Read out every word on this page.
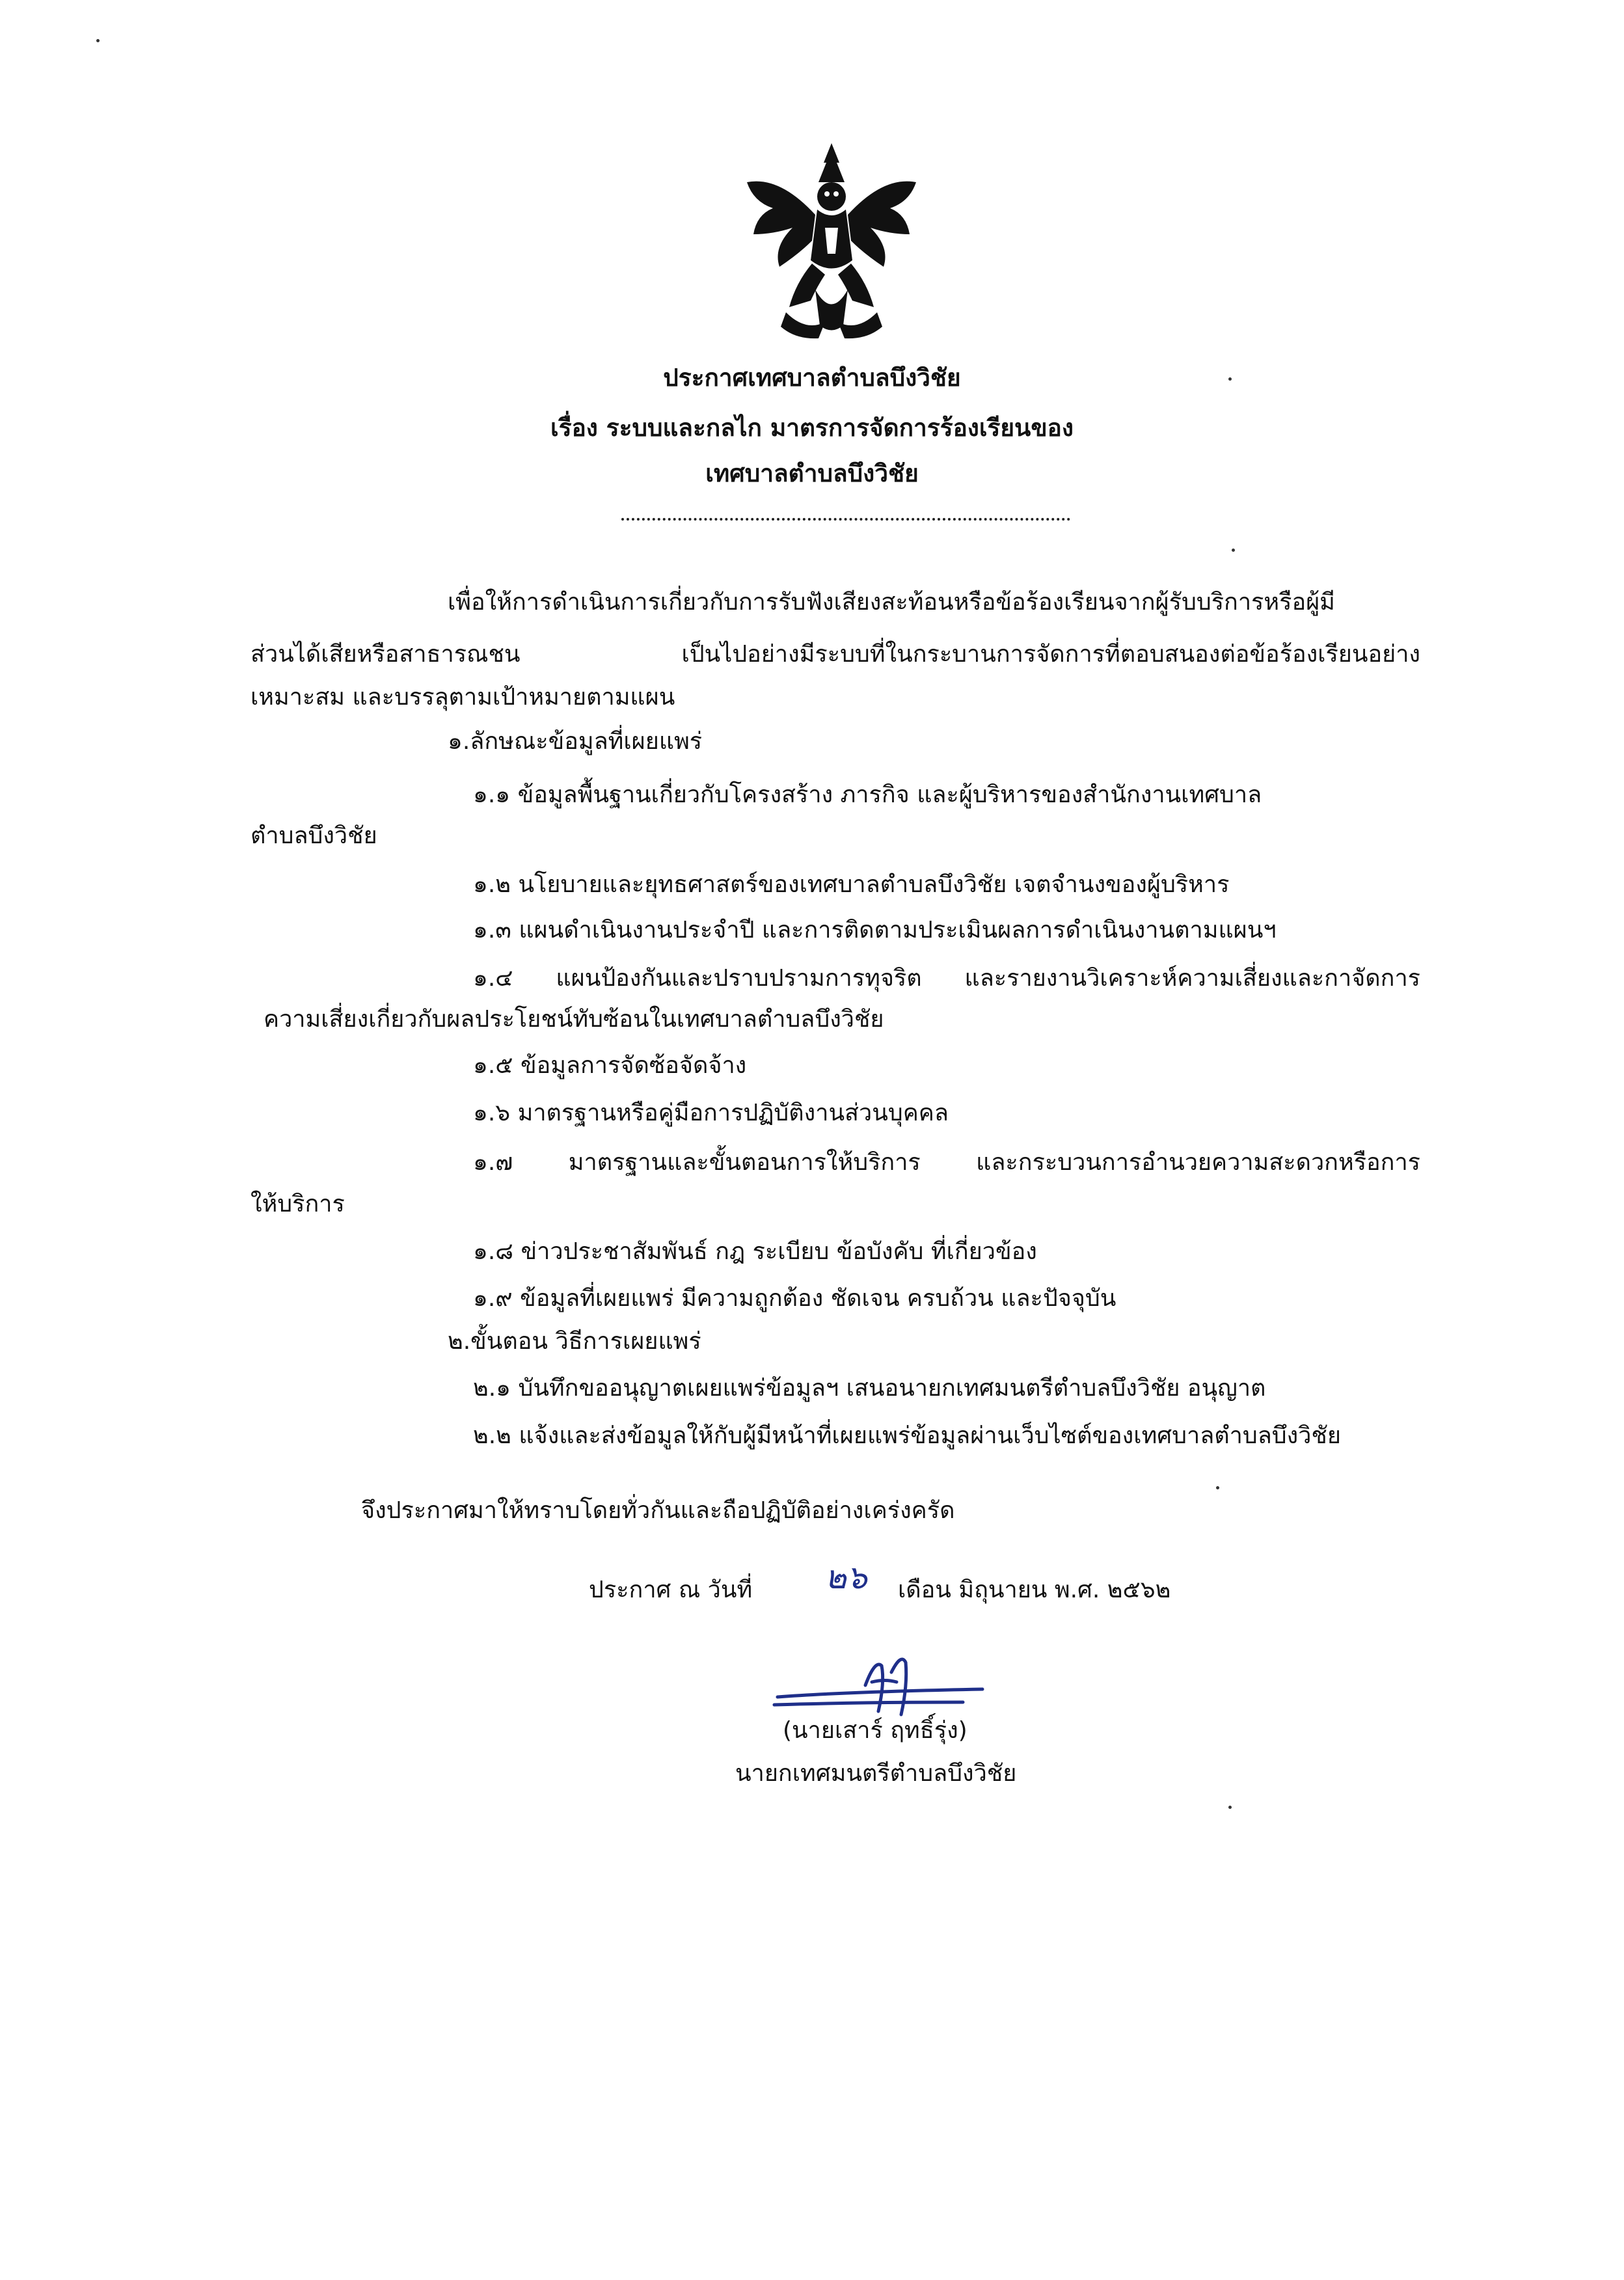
ประกาศเทศบาลตำบลบึงวิชัย
เรื่อง ระบบและกลไก มาตรการจัดการร้องเรียนของ
เทศบาลตำบลบึงวิชัย
เพื่อให้การดำเนินการเกี่ยวกับการรับฟังเสียงสะท้อนหรือข้อร้องเรียนจากผู้รับบริการหรือผู้มี
ส่วนได้เสียหรือสาธารณชน เป็นไปอย่างมีระบบที่ในกระบานการจัดการที่ตอบสนองต่อข้อร้องเรียนอย่าง
เหมาะสม และบรรลุตามเป้าหมายตามแผน
๑.ลักษณะข้อมูลที่เผยแพร่
๑.๑ ข้อมูลพื้นฐานเกี่ยวกับโครงสร้าง ภารกิจ และผู้บริหารของสำนักงานเทศบาล
ตำบลบึงวิชัย
๑.๒ นโยบายและยุทธศาสตร์ของเทศบาลตำบลบึงวิชัย เจตจำนงของผู้บริหาร
๑.๓ แผนดำเนินงานประจำปี และการติดตามประเมินผลการดำเนินงานตามแผนฯ
๑.๔ แผนป้องกันและปราบปรามการทุจริต และรายงานวิเคราะห์ความเสี่ยงและกาจัดการ
ความเสี่ยงเกี่ยวกับผลประโยชน์ทับซ้อนในเทศบาลตำบลบึงวิชัย
๑.๕ ข้อมูลการจัดซ้อจัดจ้าง
๑.๖ มาตรฐานหรือคู่มือการปฏิบัติงานส่วนบุคคล
๑.๗ มาตรฐานและขั้นตอนการให้บริการ และกระบวนการอำนวยความสะดวกหรือการ
ให้บริการ
๑.๘ ข่าวประชาสัมพันธ์ กฎ ระเบียบ ข้อบังคับ ที่เกี่ยวข้อง
๑.๙ ข้อมูลที่เผยแพร่ มีความถูกต้อง ชัดเจน ครบถ้วน และปัจจุบัน
๒.ขั้นตอน วิธีการเผยแพร่
๒.๑ บันทึกขออนุญาตเผยแพร่ข้อมูลฯ เสนอนายกเทศมนตรีตำบลบึงวิชัย อนุญาต
๒.๒ แจ้งและส่งข้อมูลให้กับผู้มีหน้าที่เผยแพร่ข้อมูลผ่านเว็บไซต์ของเทศบาลตำบลบึงวิชัย
จึงประกาศมาให้ทราบโดยทั่วกันและถือปฏิบัติอย่างเคร่งครัด
ประกาศ ณ วันที่ ๒๖ เดือน มิถุนายน พ.ศ. ๒๕๖๒
(นายเสาร์ ฤทธิ์รุ่ง)
นายกเทศมนตรีตำบลบึงวิชัย
